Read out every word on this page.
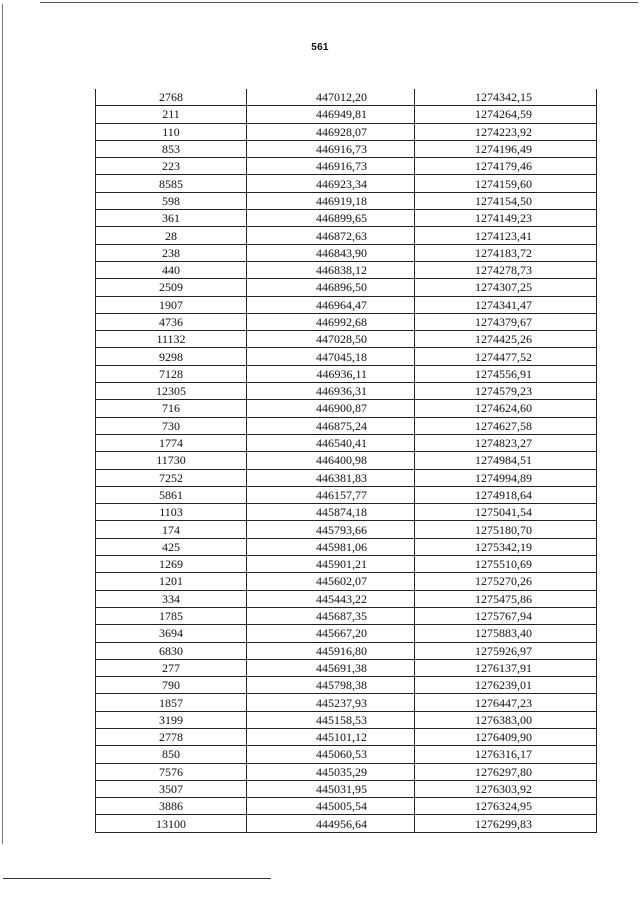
561
2768	447012,20	1274342,15
211	446949,81	1274264,59
110	446928,07	1274223,92
853	446916,73	1274196,49
223	446916,73	1274179,46
8585	446923,34	1274159,60
598	446919,18	1274154,50
361	446899,65	1274149,23
28	446872,63	1274123,41
238	446843,90	1274183,72
440	446838,12	1274278,73
2509	446896,50	1274307,25
1907	446964,47	1274341,47
4736	446992,68	1274379,67
11132	447028,50	1274425,26
9298	447045,18	1274477,52
7128	446936,11	1274556,91
12305	446936,31	1274579,23
716	446900,87	1274624,60
730	446875,24	1274627,58
1774	446540,41	1274823,27
11730	446400,98	1274984,51
7252	446381,83	1274994,89
5861	446157,77	1274918,64
1103	445874,18	1275041,54
174	445793,66	1275180,70
425	445981,06	1275342,19
1269	445901,21	1275510,69
1201	445602,07	1275270,26
334	445443,22	1275475,86
1785	445687,35	1275767,94
3694	445667,20	1275883,40
6830	445916,80	1275926,97
277	445691,38	1276137,91
790	445798,38	1276239,01
1857	445237,93	1276447,23
3199	445158,53	1276383,00
2778	445101,12	1276409,90
850	445060,53	1276316,17
7576	445035,29	1276297,80
3507	445031,95	1276303,92
3886	445005,54	1276324,95
13100	444956,64	1276299,83
